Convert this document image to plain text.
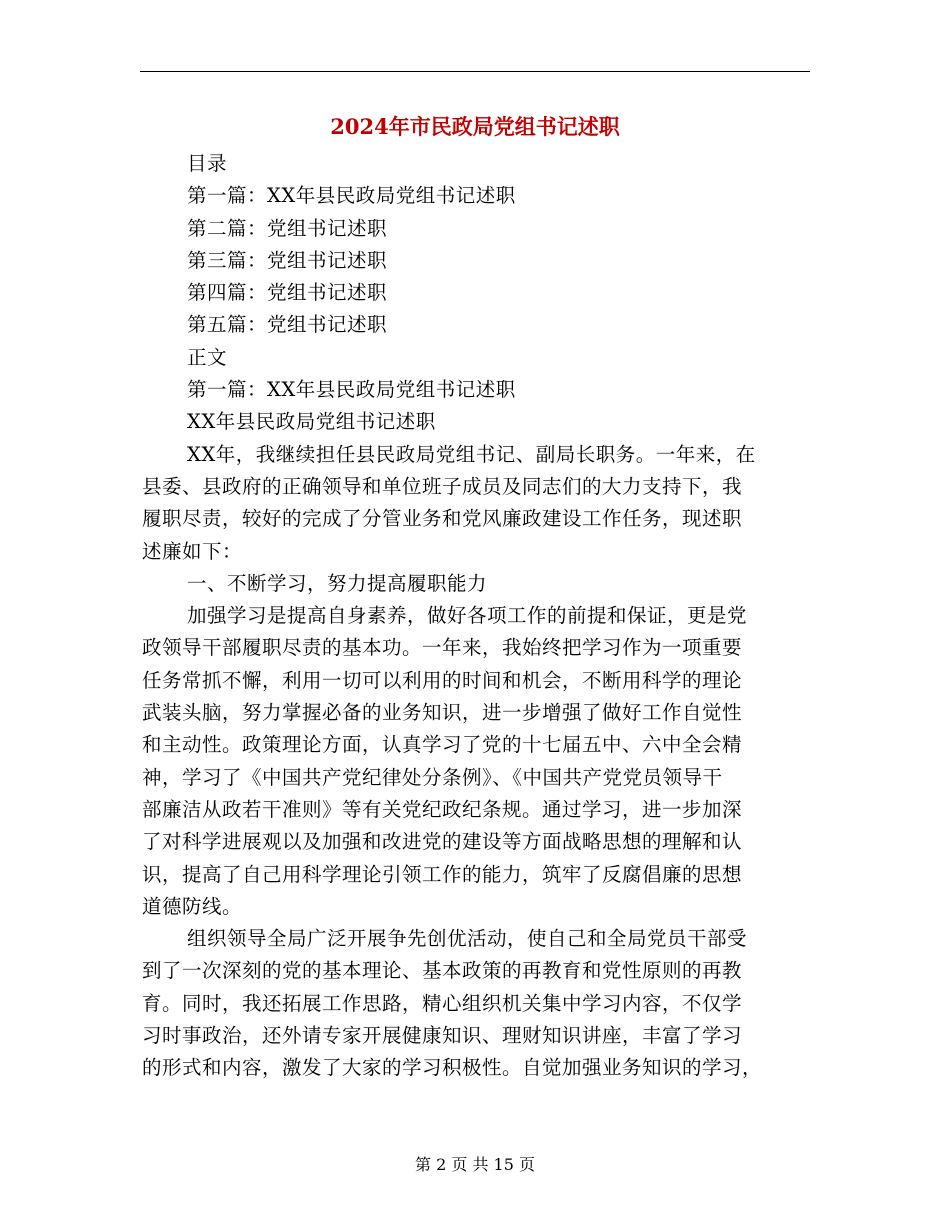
2024年市民政局党组书记述职
目录
第一篇：XX年县民政局党组书记述职
第二篇：党组书记述职
第三篇：党组书记述职
第四篇：党组书记述职
第五篇：党组书记述职
正文
第一篇：XX年县民政局党组书记述职
XX年县民政局党组书记述职
XX年，我继续担任县民政局党组书记、副局长职务。一年来，在
县委、县政府的正确领导和单位班子成员及同志们的大力支持下，我
履职尽责，较好的完成了分管业务和党风廉政建设工作任务，现述职
述廉如下：
一、不断学习，努力提高履职能力
加强学习是提高自身素养，做好各项工作的前提和保证，更是党
政领导干部履职尽责的基本功。一年来，我始终把学习作为一项重要
任务常抓不懈，利用一切可以利用的时间和机会，不断用科学的理论
武装头脑，努力掌握必备的业务知识，进一步增强了做好工作自觉性
和主动性。政策理论方面，认真学习了党的十七届五中、六中全会精
神，学习了《中国共产党纪律处分条例》、《中国共产党党员领导干
部廉洁从政若干准则》等有关党纪政纪条规。通过学习，进一步加深
了对科学进展观以及加强和改进党的建设等方面战略思想的理解和认
识，提高了自己用科学理论引领工作的能力，筑牢了反腐倡廉的思想
道德防线。
组织领导全局广泛开展争先创优活动，使自己和全局党员干部受
到了一次深刻的党的基本理论、基本政策的再教育和党性原则的再教
育。同时，我还拓展工作思路，精心组织机关集中学习内容，不仅学
习时事政治，还外请专家开展健康知识、理财知识讲座，丰富了学习
的形式和内容，激发了大家的学习积极性。自觉加强业务知识的学习，
第 2 页 共 15 页
